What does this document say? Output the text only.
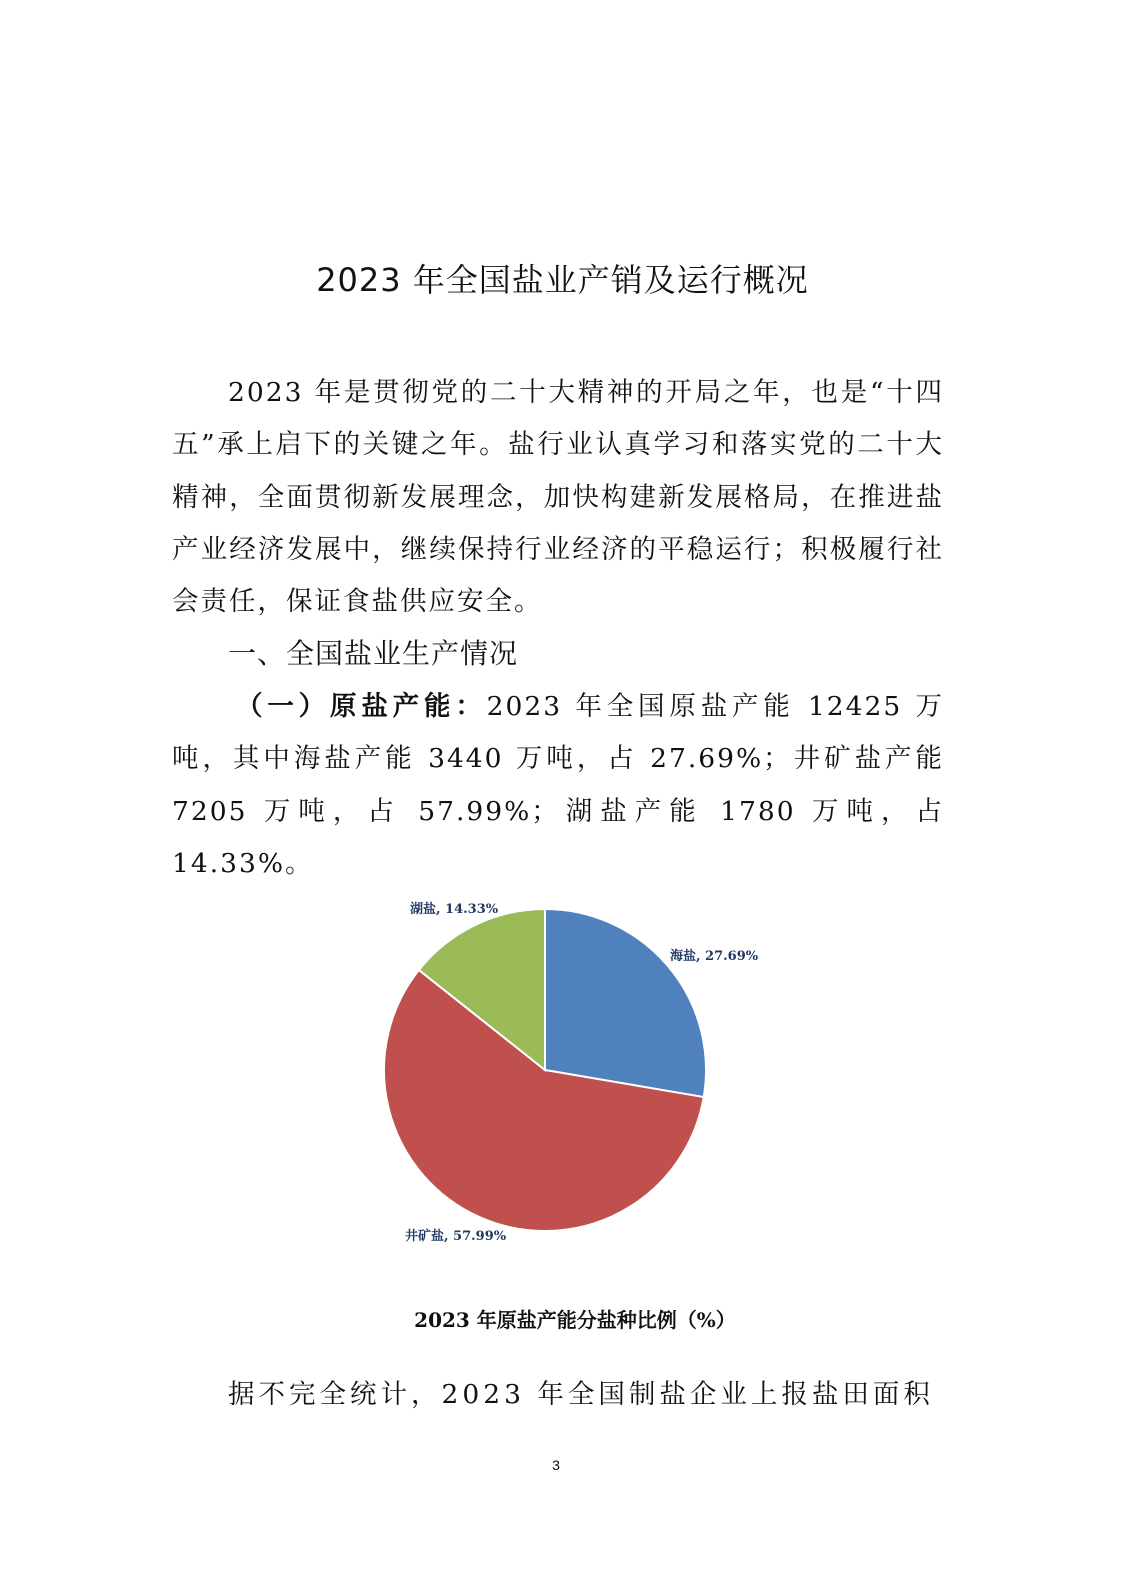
2023 年全国盐业产销及运行概况
2023 年是贯彻党的二十大精神的开局之年，也是“十四五”承上启下的关键之年。盐行业认真学习和落实党的二十大精神，全面贯彻新发展理念，加快构建新发展格局，在推进盐产业经济发展中，继续保持行业经济的平稳运行；积极履行社会责任，保证食盐供应安全。
一、全国盐业生产情况
（一）原盐产能：2023 年全国原盐产能 12425 万吨，其中海盐产能 3440 万吨，占 27.69%；井矿盐产能 7205 万吨，占 57.99%；湖盐产能 1780 万吨，占 14.33%。
海盐, 27.69%
井矿盐, 57.99%
湖盐, 14.33%
2023 年原盐产能分盐种比例（%）
据不完全统计，2023 年全国制盐企业上报盐田面积
3
